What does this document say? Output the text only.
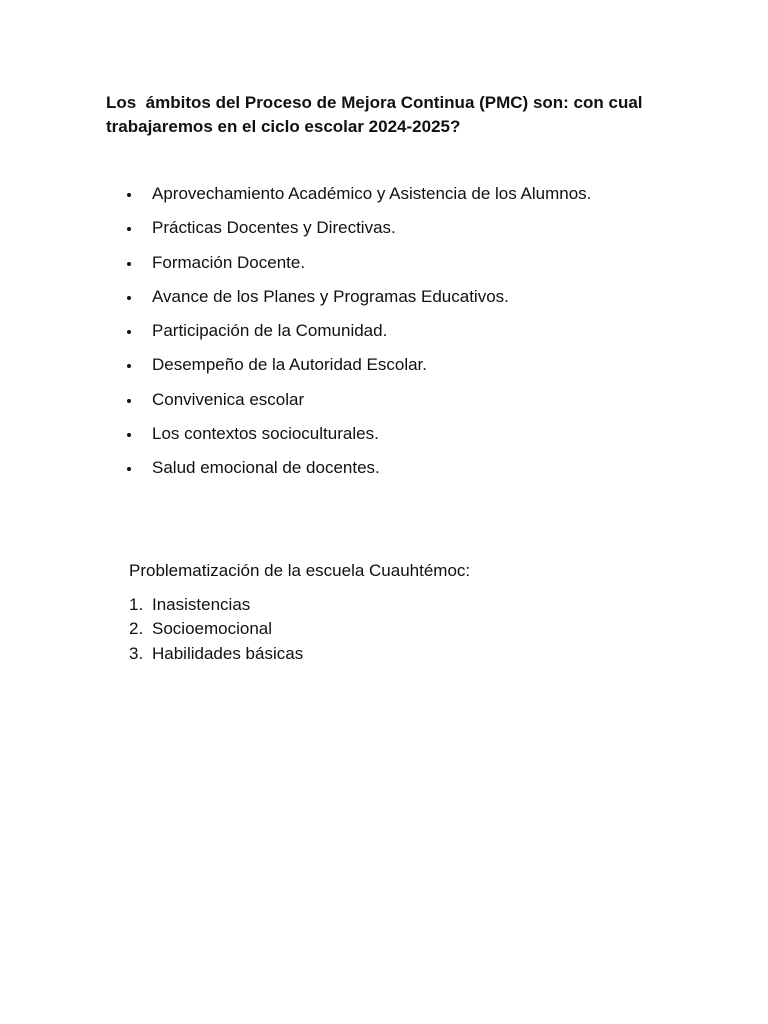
Los  ámbitos del Proceso de Mejora Continua (PMC) son: con cual trabajaremos en el ciclo escolar 2024-2025?

Aprovechamiento Académico y Asistencia de los Alumnos.
Prácticas Docentes y Directivas.
Formación Docente.
Avance de los Planes y Programas Educativos.
Participación de la Comunidad.
Desempeño de la Autoridad Escolar.
Convivenica escolar
Los contextos socioculturales.
Salud emocional de docentes.

Problematización de la escuela Cuauhtémoc:

1. Inasistencias
2. Socioemocional
3. Habilidades básicas
